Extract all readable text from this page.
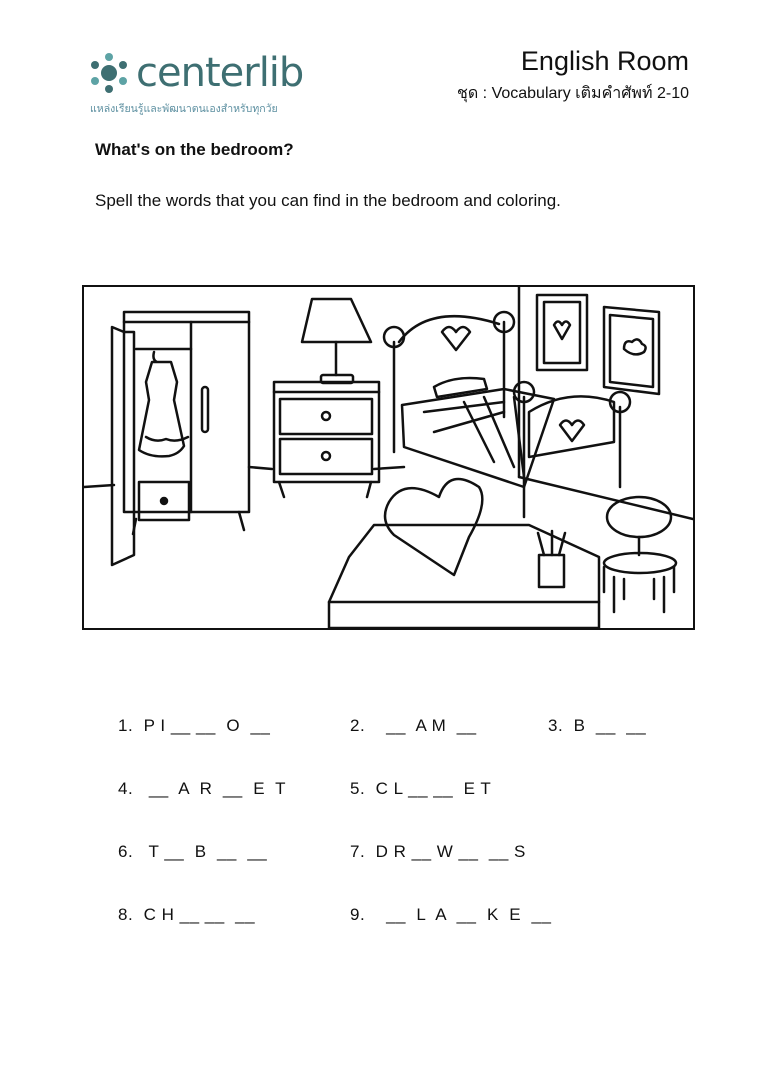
centerlib
แหล่งเรียนรู้และพัฒนาตนเองสำหรับทุกวัย
English Room
ชุด : Vocabulary เติมคำศัพท์ 2-10
What's on the bedroom?
Spell the words that you can find in the bedroom and coloring.
1.  P I __ __  O  __	2.    __  A M  __	3.  B  __  __
4.   __  A  R  __  E  T	5.  C L __ __  E T
6.   T __  B  __  __	7.  D R __ W __  __ S
8.  C H __ __  __	9.    __  L  A  __  K  E  __
